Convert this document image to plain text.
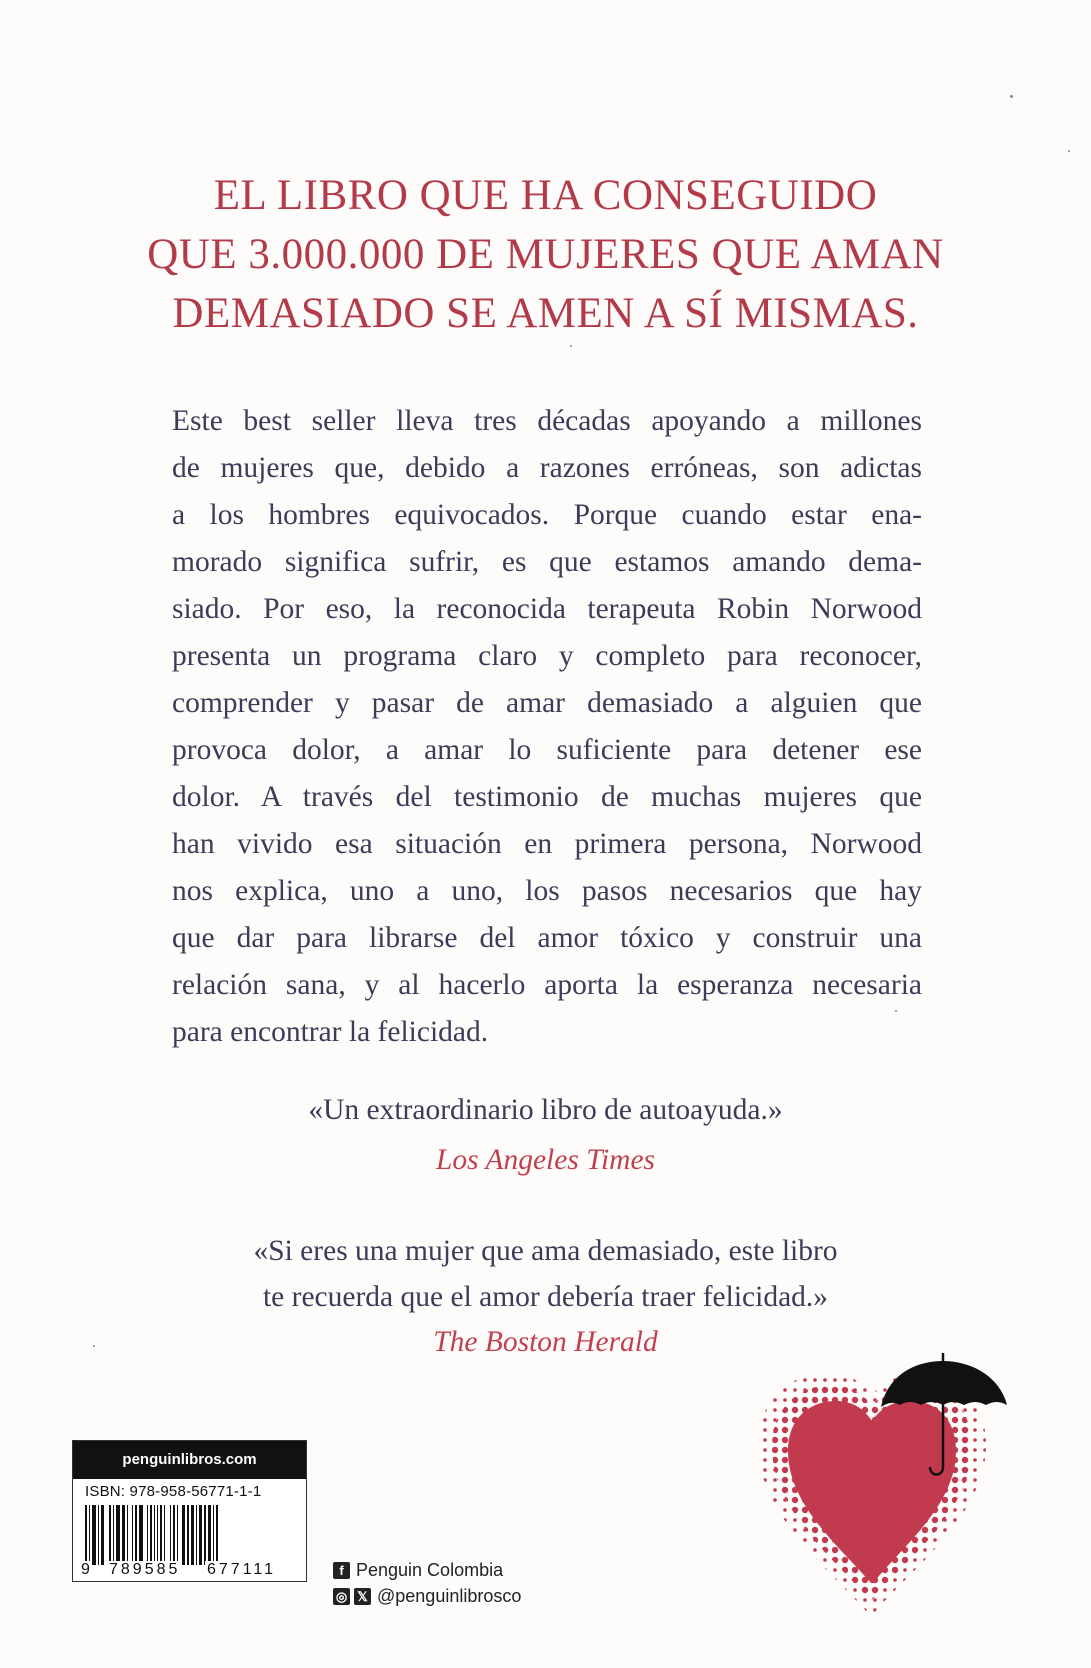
EL LIBRO QUE HA CONSEGUIDO
QUE 3.000.000 DE MUJERES QUE AMAN
DEMASIADO SE AMEN A SÍ MISMAS.
Este best seller lleva tres décadas apoyando a millones
de mujeres que, debido a razones erróneas, son adictas
a los hombres equivocados. Porque cuando estar ena-
morado significa sufrir, es que estamos amando dema-
siado. Por eso, la reconocida terapeuta Robin Norwood
presenta un programa claro y completo para reconocer,
comprender y pasar de amar demasiado a alguien que
provoca dolor, a amar lo suficiente para detener ese
dolor. A través del testimonio de muchas mujeres que
han vivido esa situación en primera persona, Norwood
nos explica, uno a uno, los pasos necesarios que hay
que dar para librarse del amor tóxico y construir una
relación sana, y al hacerlo aporta la esperanza necesaria
para encontrar la felicidad.
«Un extraordinario libro de autoayuda.»
Los Angeles Times
«Si eres una mujer que ama demasiado, este libro
te recuerda que el amor debería traer felicidad.»
The Boston Herald
penguinlibros.com
ISBN: 978-958-56771-1-1
9 789585 677111	f Penguin Colombia
◎ 𝕏 @penguinlibrosco
